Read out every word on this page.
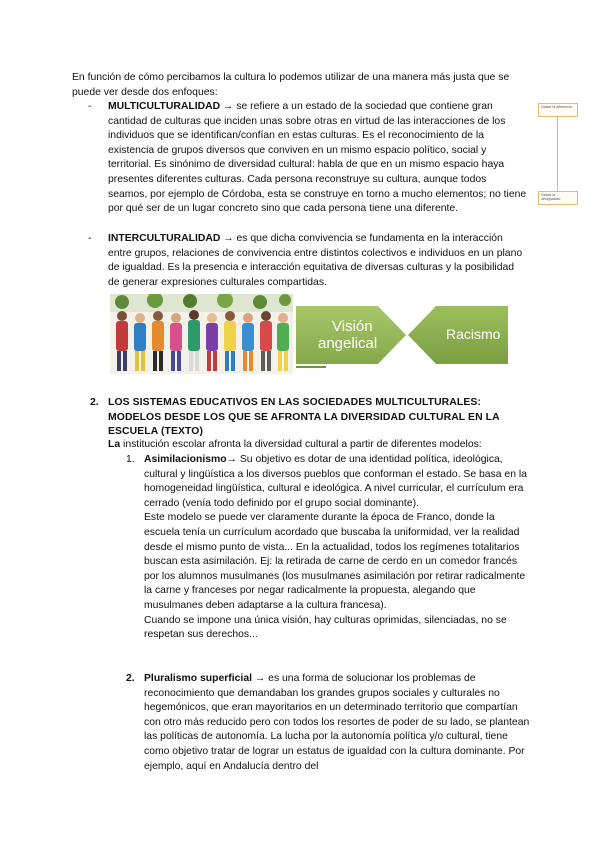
En función de cómo percibamos la cultura lo podemos utilizar de una manera más justa que se puede ver desde dos enfoques:
-	MULTICULTURALIDAD → se refiere a un estado de la sociedad que contiene gran cantidad de culturas que inciden unas sobre otras en virtud de las interacciones de los individuos que se identifican/confían en estas culturas. Es el reconocimiento de la existencia de grupos diversos que conviven en un mismo espacio político, social y territorial. Es sinónimo de diversidad cultural: habla de que en un mismo espacio haya presentes diferentes culturas. Cada persona reconstruye su cultura, aunque todos seamos, por ejemplo de Córdoba, esta se construye en torno a mucho elementos; no tiene por qué ser de un lugar concreto sino que cada persona tiene una diferente.
-	INTERCULTURALIDAD → es que dicha convivencia se fundamenta en la interacción entre grupos, relaciones de convivencia entre distintos colectivos e individuos en un plano de igualdad. Es la presencia e interacción equitativa de diversas culturas y la posibilidad de generar expresiones culturales compartidas.
Desde la diferencia
Desde la desigualdad
Visión
angelical
Racismo
2. LOS SISTEMAS EDUCATIVOS EN LAS SOCIEDADES MULTICULTURALES: MODELOS DESDE LOS QUE SE AFRONTA LA DIVERSIDAD CULTURAL EN LA ESCUELA (TEXTO)
La institución escolar afronta la diversidad cultural a partir de diferentes modelos:
1. Asimilacionismo→ Su objetivo es dotar de una identidad política, ideológica, cultural y lingüística a los diversos pueblos que conforman el estado. Se basa en la homogeneidad lingüística, cultural e ideológica. A nivel curricular, el currículum era cerrado (venía todo definido por el grupo social dominante).
Este modelo se puede ver claramente durante la época de Franco, donde la escuela tenía un currículum acordado que buscaba la uniformidad, ver la realidad desde el mismo punto de vista... En la actualidad, todos los regímenes totalitarios buscan esta asimilación. Ej: la retirada de carne de cerdo en un comedor francés por los alumnos musulmanes (los musulmanes asimilación por retirar radicalmente la carne y franceses por negar radicalmente la propuesta, alegando que musulmanes deben adaptarse a la cultura francesa).
Cuando se impone una única visión, hay culturas oprimidas, silenciadas, no se respetan sus derechos...
2. Pluralismo superficial → es una forma de solucionar los problemas de reconocimiento que demandaban los grandes grupos sociales y culturales no hegemónicos, que eran mayoritarios en un determinado territorio que compartían con otro más reducido pero con todos los resortes de poder de su lado, se plantean las políticas de autonomía. La lucha por la autonomía política y/o cultural, tiene como objetivo tratar de lograr un estatus de igualdad con la cultura dominante. Por ejemplo, aquí en Andalucía dentro del
